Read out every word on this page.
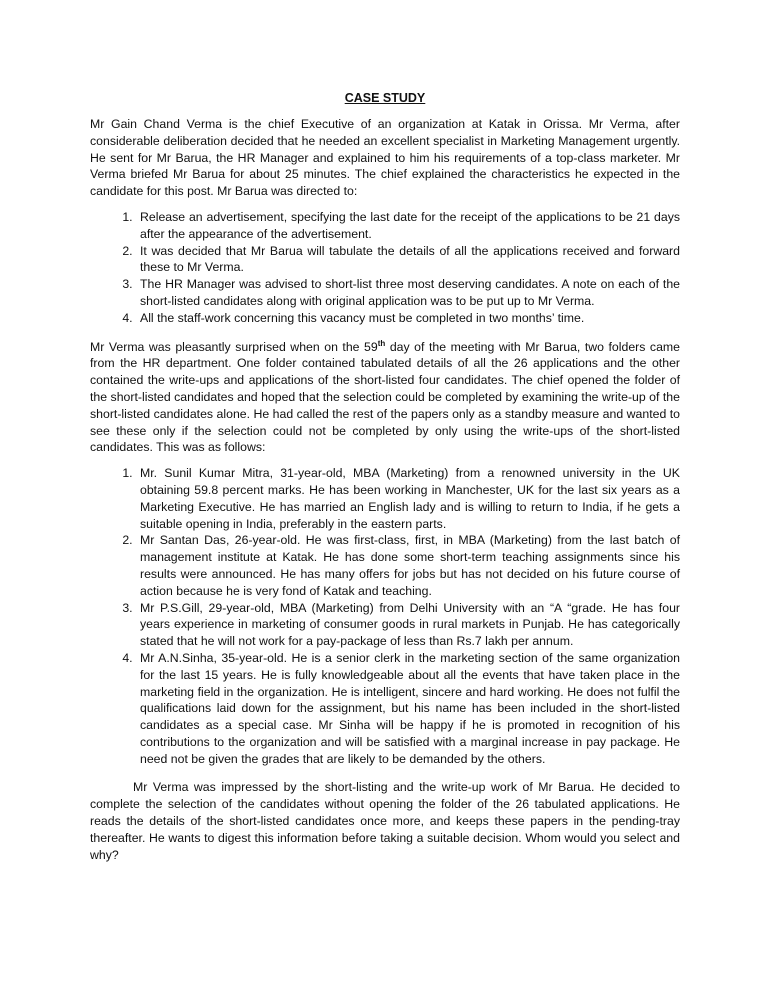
CASE STUDY

Mr Gain Chand Verma is the chief Executive of an organization at Katak in Orissa. Mr Verma, after considerable deliberation decided that he needed an excellent specialist in Marketing Management urgently. He sent for Mr Barua, the HR Manager and explained to him his requirements of a top-class marketer. Mr Verma briefed Mr Barua for about 25 minutes. The chief explained the characteristics he expected in the candidate for this post. Mr Barua was directed to:

1. Release an advertisement, specifying the last date for the receipt of the applications to be 21 days after the appearance of the advertisement.
2. It was decided that Mr Barua will tabulate the details of all the applications received and forward these to Mr Verma.
3. The HR Manager was advised to short-list three most deserving candidates. A note on each of the short-listed candidates along with original application was to be put up to Mr Verma.
4. All the staff-work concerning this vacancy must be completed in two months’ time.

Mr Verma was pleasantly surprised when on the 59th day of the meeting with Mr Barua, two folders came from the HR department. One folder contained tabulated details of all the 26 applications and the other contained the write-ups and applications of the short-listed four candidates. The chief opened the folder of the short-listed candidates and hoped that the selection could be completed by examining the write-up of the short-listed candidates alone. He had called the rest of the papers only as a standby measure and wanted to see these only if the selection could not be completed by only using the write-ups of the short-listed candidates. This was as follows:

1. Mr. Sunil Kumar Mitra, 31-year-old, MBA (Marketing) from a renowned university in the UK obtaining 59.8 percent marks. He has been working in Manchester, UK for the last six years as a Marketing Executive. He has married an English lady and is willing to return to India, if he gets a suitable opening in India, preferably in the eastern parts.
2. Mr Santan Das, 26-year-old. He was first-class, first, in MBA (Marketing) from the last batch of management institute at Katak. He has done some short-term teaching assignments since his results were announced. He has many offers for jobs but has not decided on his future course of action because he is very fond of Katak and teaching.
3. Mr P.S.Gill, 29-year-old, MBA (Marketing) from Delhi University with an “A “grade. He has four years experience in marketing of consumer goods in rural markets in Punjab. He has categorically stated that he will not work for a pay-package of less than Rs.7 lakh per annum.
4. Mr A.N.Sinha, 35-year-old. He is a senior clerk in the marketing section of the same organization for the last 15 years. He is fully knowledgeable about all the events that have taken place in the marketing field in the organization. He is intelligent, sincere and hard working. He does not fulfil the qualifications laid down for the assignment, but his name has been included in the short-listed candidates as a special case. Mr Sinha will be happy if he is promoted in recognition of his contributions to the organization and will be satisfied with a marginal increase in pay package. He need not be given the grades that are likely to be demanded by the others.

Mr Verma was impressed by the short-listing and the write-up work of Mr Barua. He decided to complete the selection of the candidates without opening the folder of the 26 tabulated applications. He reads the details of the short-listed candidates once more, and keeps these papers in the pending-tray thereafter. He wants to digest this information before taking a suitable decision. Whom would you select and why?
